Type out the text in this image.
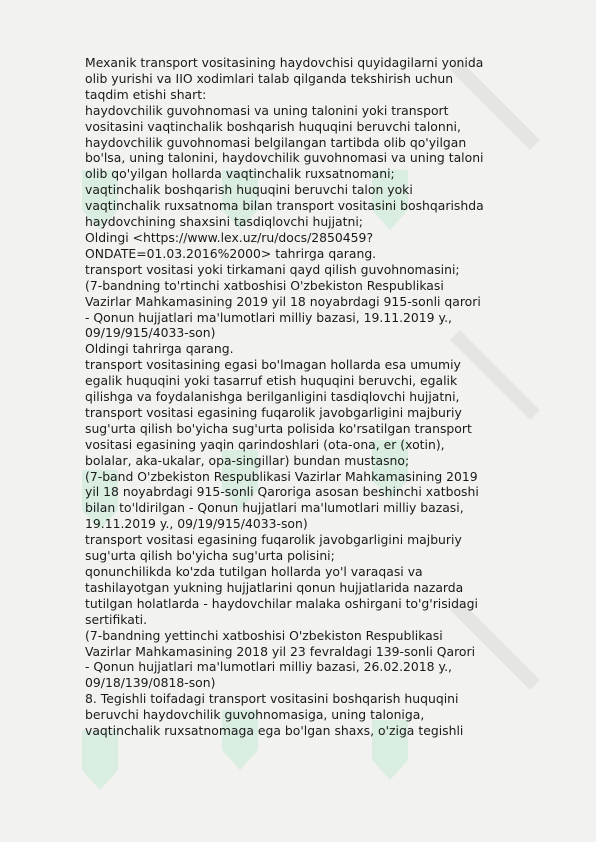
Mexanik transport vositasining haydovchisi quyidagilarni yonida
olib yurishi va IIO xodimlari talab qilganda tekshirish uchun
taqdim etishi shart:
haydovchilik guvohnomasi va uning talonini yoki transport
vositasini vaqtinchalik boshqarish huquqini beruvchi talonni,
haydovchilik guvohnomasi belgilangan tartibda olib qo'yilgan
bo'lsa, uning talonini, haydovchilik guvohnomasi va uning taloni
olib qo'yilgan hollarda vaqtinchalik ruxsatnomani;
vaqtinchalik boshqarish huquqini beruvchi talon yoki
vaqtinchalik ruxsatnoma bilan transport vositasini boshqarishda
haydovchining shaxsini tasdiqlovchi hujjatni;
Oldingi <https://www.lex.uz/ru/docs/2850459?
ONDATE=01.03.2016%2000> tahrirga qarang.
transport vositasi yoki tirkamani qayd qilish guvohnomasini;
(7-bandning to'rtinchi xatboshisi O'zbekiston Respublikasi
Vazirlar Mahkamasining 2019 yil 18 noyabrdagi 915-sonli qarori
- Qonun hujjatlari ma'lumotlari milliy bazasi, 19.11.2019 y.,
09/19/915/4033-son)
Oldingi tahrirga qarang.
transport vositasining egasi bo'lmagan hollarda esa umumiy
egalik huquqini yoki tasarruf etish huquqini beruvchi, egalik
qilishga va foydalanishga berilganligini tasdiqlovchi hujjatni,
transport vositasi egasining fuqarolik javobgarligini majburiy
sug'urta qilish bo'yicha sug'urta polisida ko'rsatilgan transport
vositasi egasining yaqin qarindoshlari (ota-ona, er (xotin),
bolalar, aka-ukalar, opa-singillar) bundan mustasno;
(7-band O'zbekiston Respublikasi Vazirlar Mahkamasining 2019
yil 18 noyabrdagi 915-sonli Qaroriga asosan beshinchi xatboshi
bilan to'ldirilgan - Qonun hujjatlari ma'lumotlari milliy bazasi,
19.11.2019 y., 09/19/915/4033-son)
transport vositasi egasining fuqarolik javobgarligini majburiy
sug'urta qilish bo'yicha sug'urta polisini;
qonunchilikda ko'zda tutilgan hollarda yo'l varaqasi va
tashilayotgan yukning hujjatlarini qonun hujjatlarida nazarda
tutilgan holatlarda - haydovchilar malaka oshirgani to'g'risidagi
sertifikati.
(7-bandning yettinchi xatboshisi O'zbekiston Respublikasi
Vazirlar Mahkamasining 2018 yil 23 fevraldagi 139-sonli Qarori
- Qonun hujjatlari ma'lumotlari milliy bazasi, 26.02.2018 y.,
09/18/139/0818-son)
8. Tegishli toifadagi transport vositasini boshqarish huquqini
beruvchi haydovchilik guvohnomasiga, uning taloniga,
vaqtinchalik ruxsatnomaga ega bo'lgan shaxs, o'ziga tegishli
